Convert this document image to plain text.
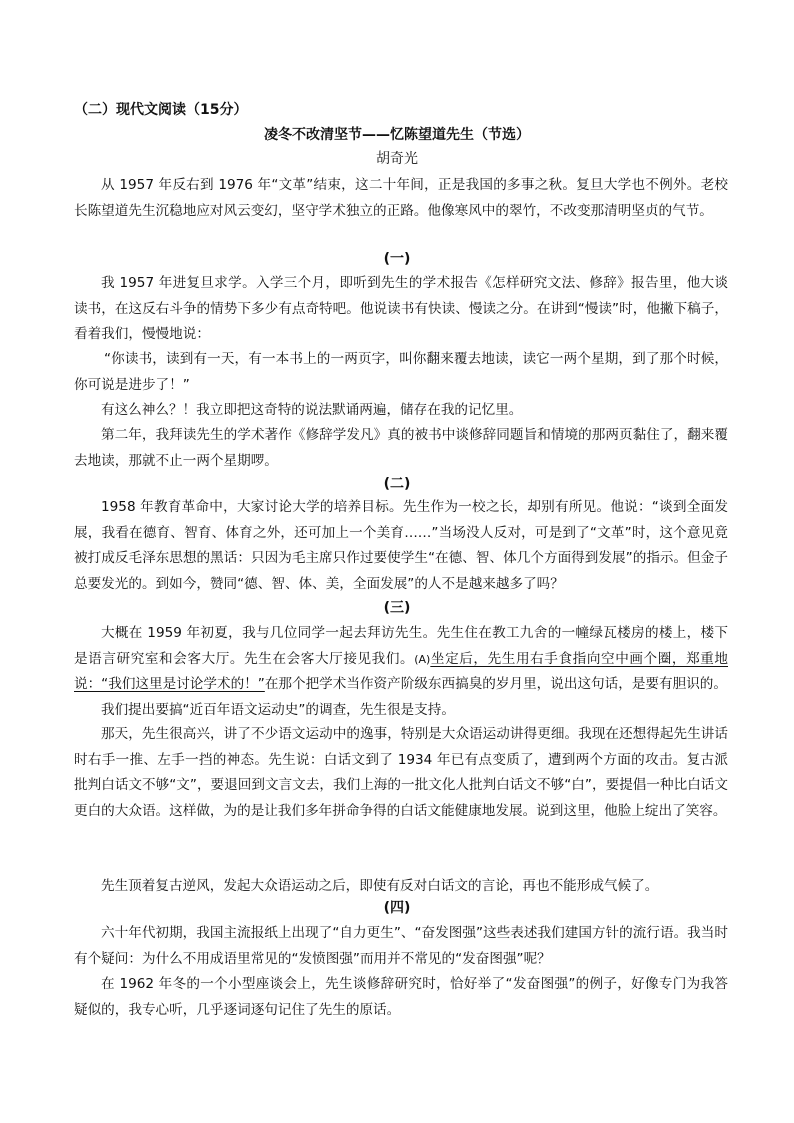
（二）现代文阅读（15分）
凌冬不改清坚节——忆陈望道先生（节选）
胡奇光

从 1957 年反右到 1976 年“文革”结束，这二十年间，正是我国的多事之秋。复旦大学也不例外。老校长陈望道先生沉稳地应对风云变幻，坚守学术独立的正路。他像寒风中的翠竹，不改变那清明坚贞的气节。

(一)

我 1957 年进复旦求学。入学三个月，即听到先生的学术报告《怎样研究文法、修辞》报告里，他大谈读书，在这反右斗争的情势下多少有点奇特吧。他说读书有快读、慢读之分。在讲到“慢读”时，他撇下稿子，看着我们，慢慢地说：

“你读书，读到有一天，有一本书上的一两页字，叫你翻来覆去地读，读它一两个星期，到了那个时候，你可说是进步了！”

有这么神么？！我立即把这奇特的说法默诵两遍，储存在我的记忆里。

第二年，我拜读先生的学术著作《修辞学发凡》真的被书中谈修辞同题旨和情境的那两页黏住了，翻来覆去地读，那就不止一两个星期啰。

(二)

1958 年教育革命中，大家讨论大学的培养目标。先生作为一校之长，却别有所见。他说：“谈到全面发展，我看在德育、智育、体育之外，还可加上一个美育……”当场没人反对，可是到了“文革”时，这个意见竟被打成反毛泽东思想的黑话：只因为毛主席只作过要使学生“在德、智、体几个方面得到发展”的指示。但金子总要发光的。到如今，赞同“德、智、体、美，全面发展”的人不是越来越多了吗？

(三)

大概在 1959 年初夏，我与几位同学一起去拜访先生。先生住在教工九舍的一幢绿瓦楼房的楼上，楼下是语言研究室和会客大厅。先生在会客大厅接见我们。(A)坐定后，先生用右手食指向空中画个圈，郑重地说：“我们这里是讨论学术的！”在那个把学术当作资产阶级东西搞臭的岁月里，说出这句话，是要有胆识的。

我们提出要搞“近百年语文运动史”的调查，先生很是支持。

那天，先生很高兴，讲了不少语文运动中的逸事，特别是大众语运动讲得更细。我现在还想得起先生讲话时右手一推、左手一挡的神态。先生说：白话文到了 1934 年已有点变质了，遭到两个方面的攻击。复古派批判白话文不够“文”，要退回到文言文去，我们上海的一批文化人批判白话文不够“白”，要提倡一种比白话文更白的大众语。这样做，为的是让我们多年拼命争得的白话文能健康地发展。说到这里，他脸上绽出了笑容。

先生顶着复古逆风，发起大众语运动之后，即使有反对白话文的言论，再也不能形成气候了。

(四)

六十年代初期，我国主流报纸上出现了“自力更生”、“奋发图强”这些表述我们建国方针的流行语。我当时有个疑问：为什么不用成语里常见的“发愤图强”而用并不常见的“发奋图强”呢？

在 1962 年冬的一个小型座谈会上，先生谈修辞研究时，恰好举了“发奋图强”的例子，好像专门为我答疑似的，我专心听，几乎逐词逐句记住了先生的原话。
